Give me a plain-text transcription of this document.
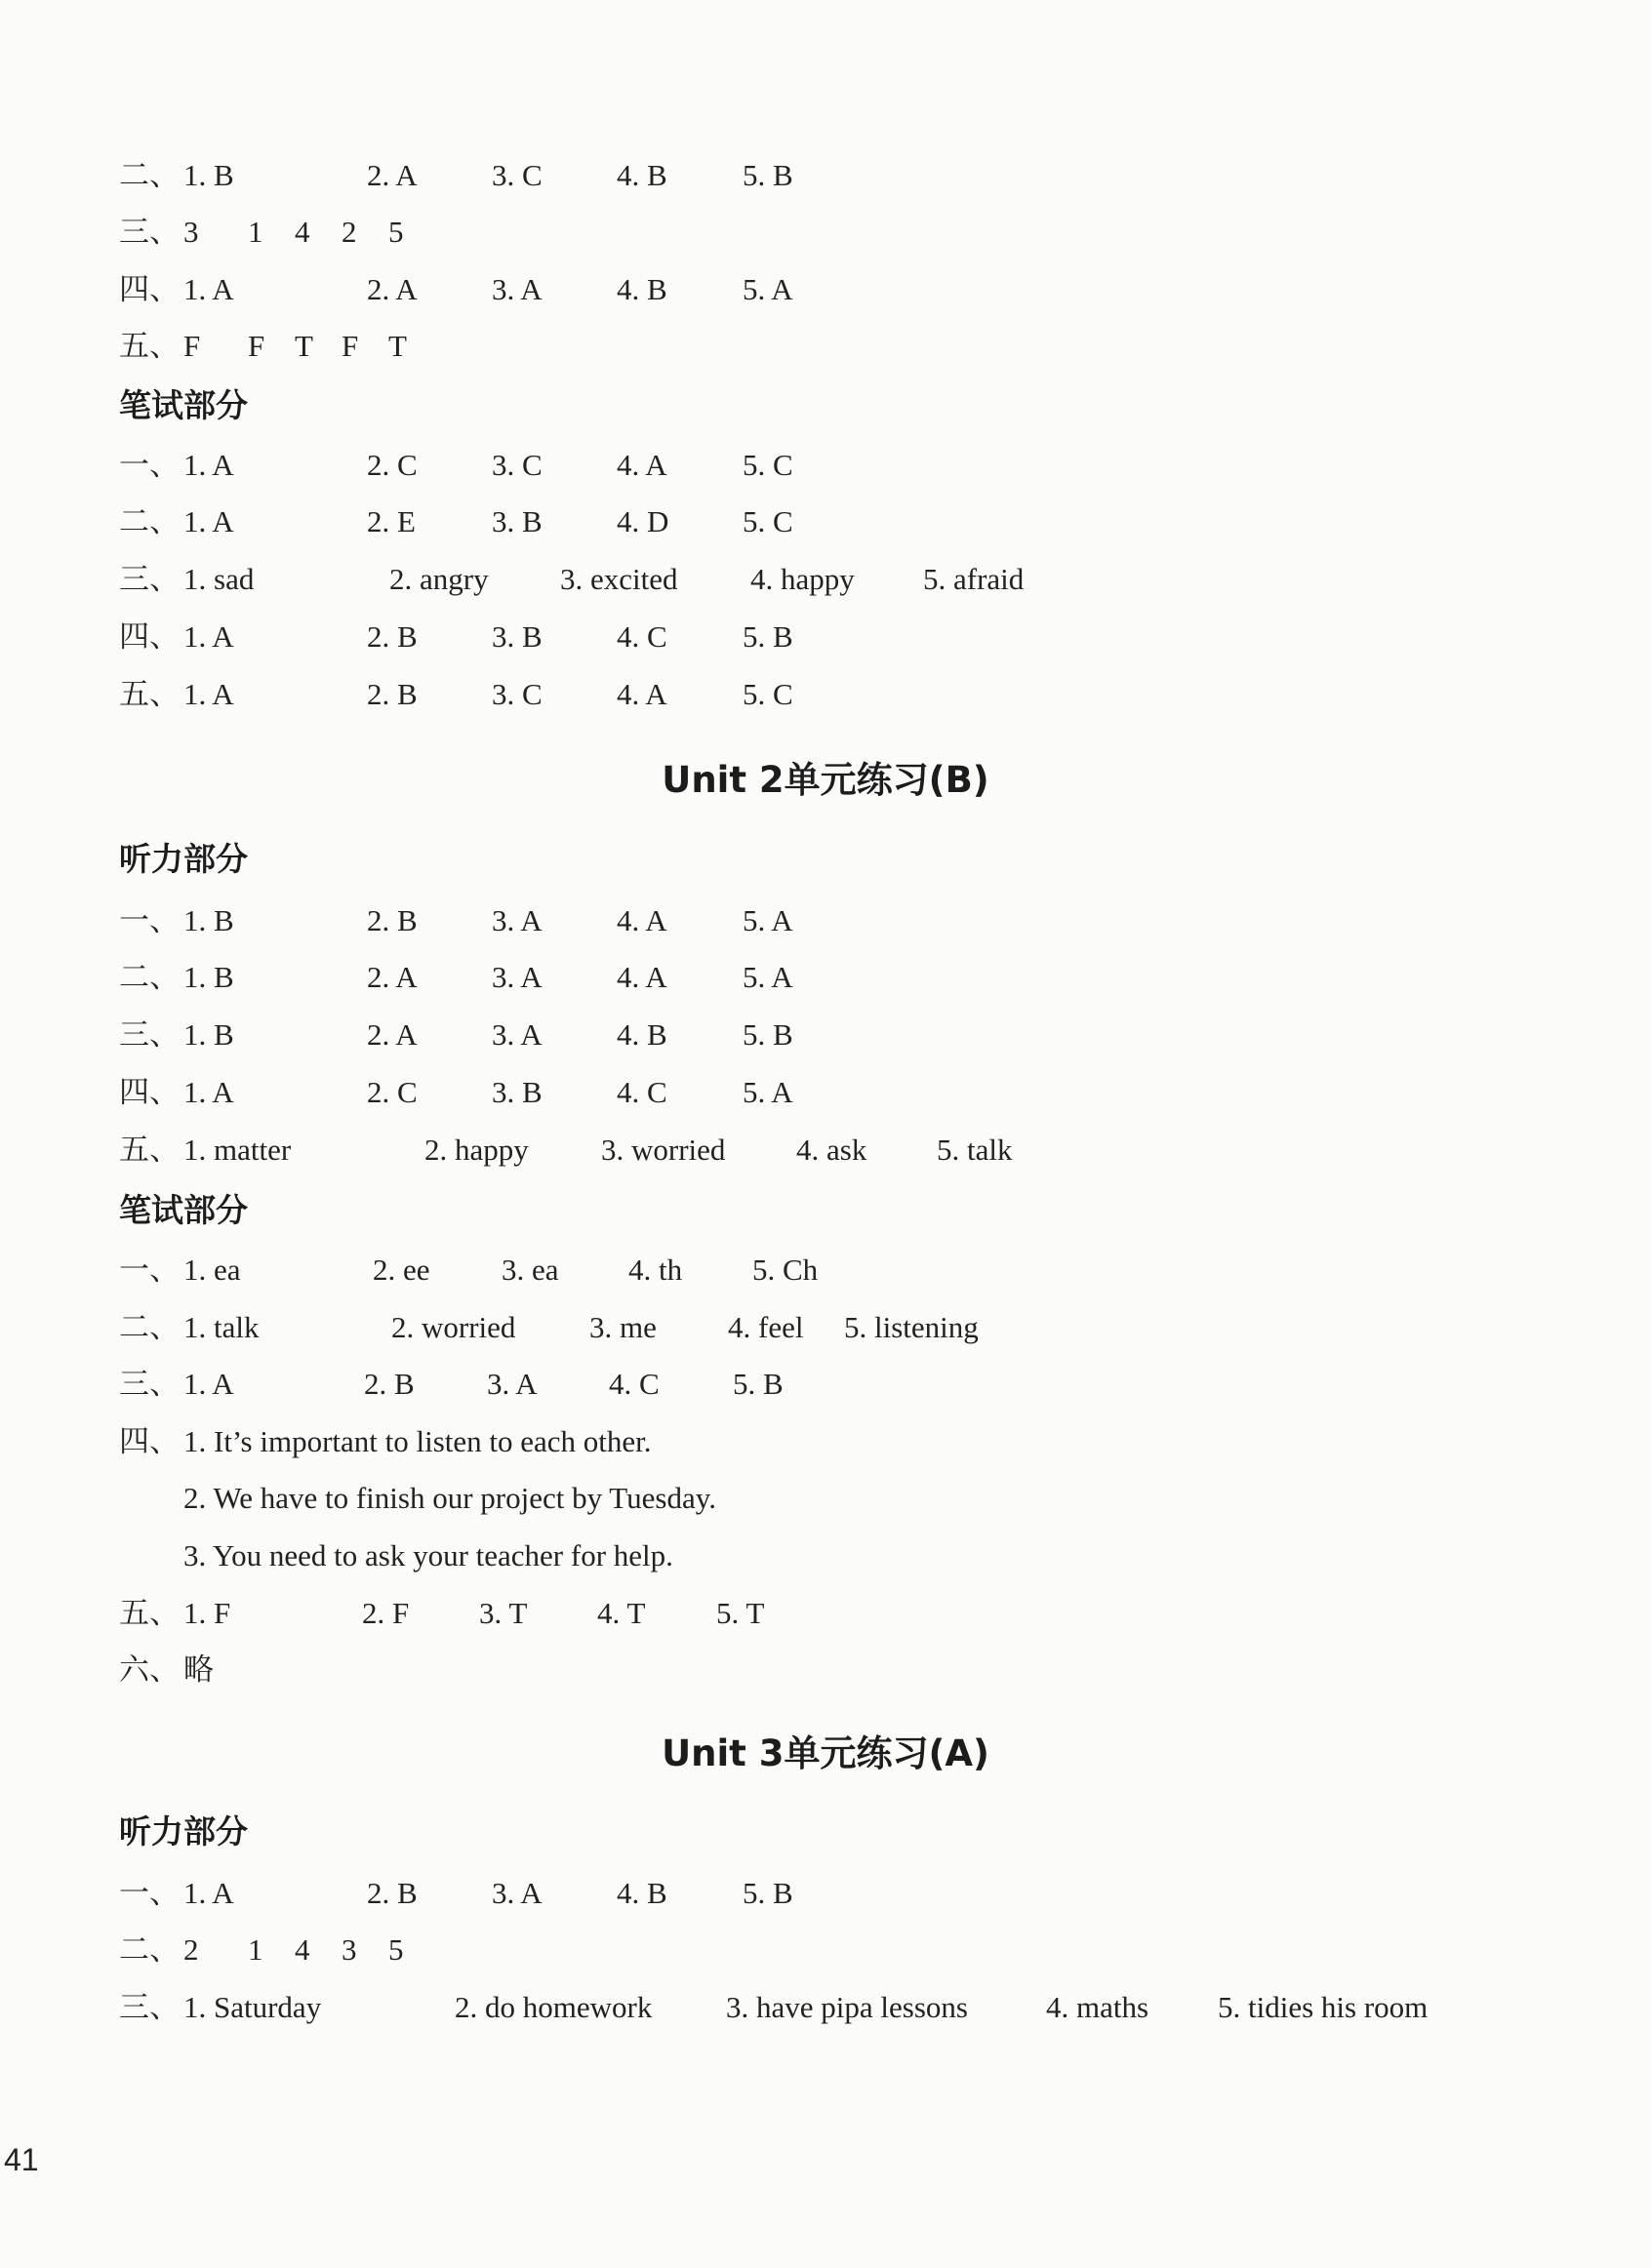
二、 1. B	2. A 3. C 4. B 5. B
三、 3 1 4 2 5
四、 1. A	2. A 3. A 4. B 5. A
五、 F F T F T
笔试部分
一、 1. A	2. C 3. C 4. A 5. C
二、 1. A	2. E	3. B 4. D 5. C
三、 1. sad	2. angry 3. excited 4. happy 5. afraid
四、 1. A	2. B 3. B 4. C 5. B
五、 1. A	2. B 3. C 4. A 5. C
Unit 2单元练习(B)
听力部分
一、 1. B	2. B 3. A 4. A 5. A
二、 1. B	2. A 3. A 4. A 5. A
三、 1. B	2. A 3. A 4. B 5. B
四、 1. A	2. C 3. B 4. C 5. A
五、 1. matter	2. happy 3. worried 4. ask 5. talk
笔试部分
一、 1. ea	2. ee 3. ea 4. th 5. Ch
二、 1. talk	2. worried 3. me 4. feel 5. listening
三、 1. A	2. B 3. A 4. C 5. B
四、 1. It’s important to listen to each other.
2. We have to finish our project by Tuesday.
3. You need to ask your teacher for help.
五、 1. F	2. F 3. T 4. T 5. T
六、 略
Unit 3单元练习(A)
听力部分
一、 1. A	2. B 3. A 4. B 5. B
二、 2 1 4 3 5
三、 1. Saturday	2. do homework 3. have pipa lessons	4. maths 5. tidies his room
41
